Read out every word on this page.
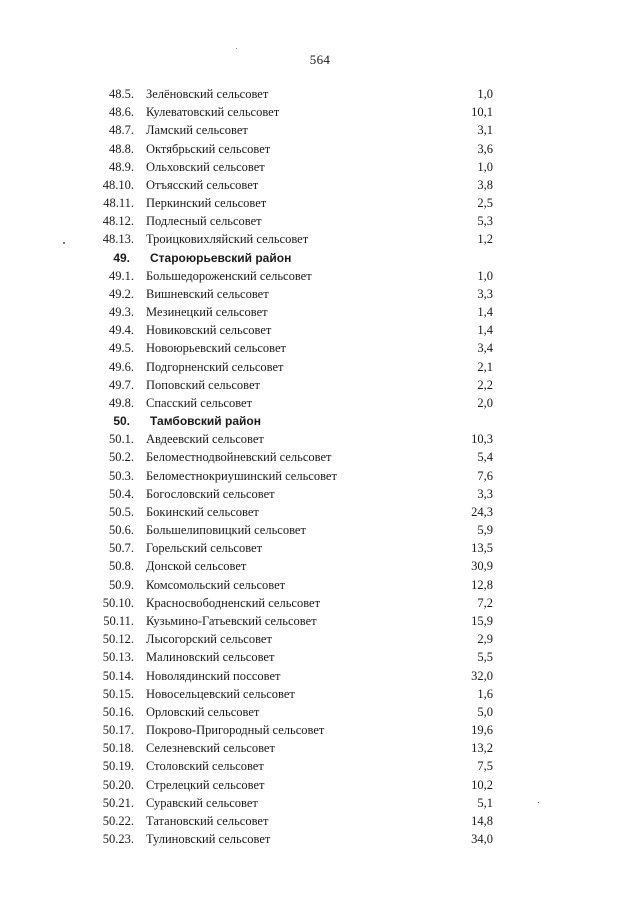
564
48.5. Зелёновский сельсовет	1,0
48.6. Кулеватовский сельсовет	10,1
48.7. Ламский сельсовет	3,1
48.8. Октябрьский сельсовет	3,6
48.9. Ольховский сельсовет	1,0
48.10. Отъясский сельсовет	3,8
48.11. Перкинский сельсовет	2,5
48.12. Подлесный сельсовет	5,3
48.13. Троицковихляйский сельсовет	1,2
49. Староюрьевский район
49.1. Большедороженский сельсовет	1,0
49.2. Вишневский сельсовет	3,3
49.3. Мезинецкий сельсовет	1,4
49.4. Новиковский сельсовет	1,4
49.5. Новоюрьевский сельсовет	3,4
49.6. Подгорненский сельсовет	2,1
49.7. Поповский сельсовет	2,2
49.8. Спасский сельсовет	2,0
50. Тамбовский район
50.1. Авдеевский сельсовет	10,3
50.2. Беломестнодвойневский сельсовет	5,4
50.3. Беломестнокриушинский сельсовет	7,6
50.4. Богословский сельсовет	3,3
50.5. Бокинский сельсовет	24,3
50.6. Большелиповицкий сельсовет	5,9
50.7. Горельский сельсовет	13,5
50.8. Донской сельсовет	30,9
50.9. Комсомольский сельсовет	12,8
50.10. Красносвободненский сельсовет	7,2
50.11. Кузьмино-Гатьевский сельсовет	15,9
50.12. Лысогорский сельсовет	2,9
50.13. Малиновский сельсовет	5,5
50.14. Новолядинский поссовет	32,0
50.15. Новосельцевский сельсовет	1,6
50.16. Орловский сельсовет	5,0
50.17. Покрово-Пригородный сельсовет	19,6
50.18. Селезневский сельсовет	13,2
50.19. Столовский сельсовет	7,5
50.20. Стрелецкий сельсовет	10,2
50.21. Суравский сельсовет	5,1
50.22. Татановский сельсовет	14,8
50.23. Тулиновский сельсовет	34,0
